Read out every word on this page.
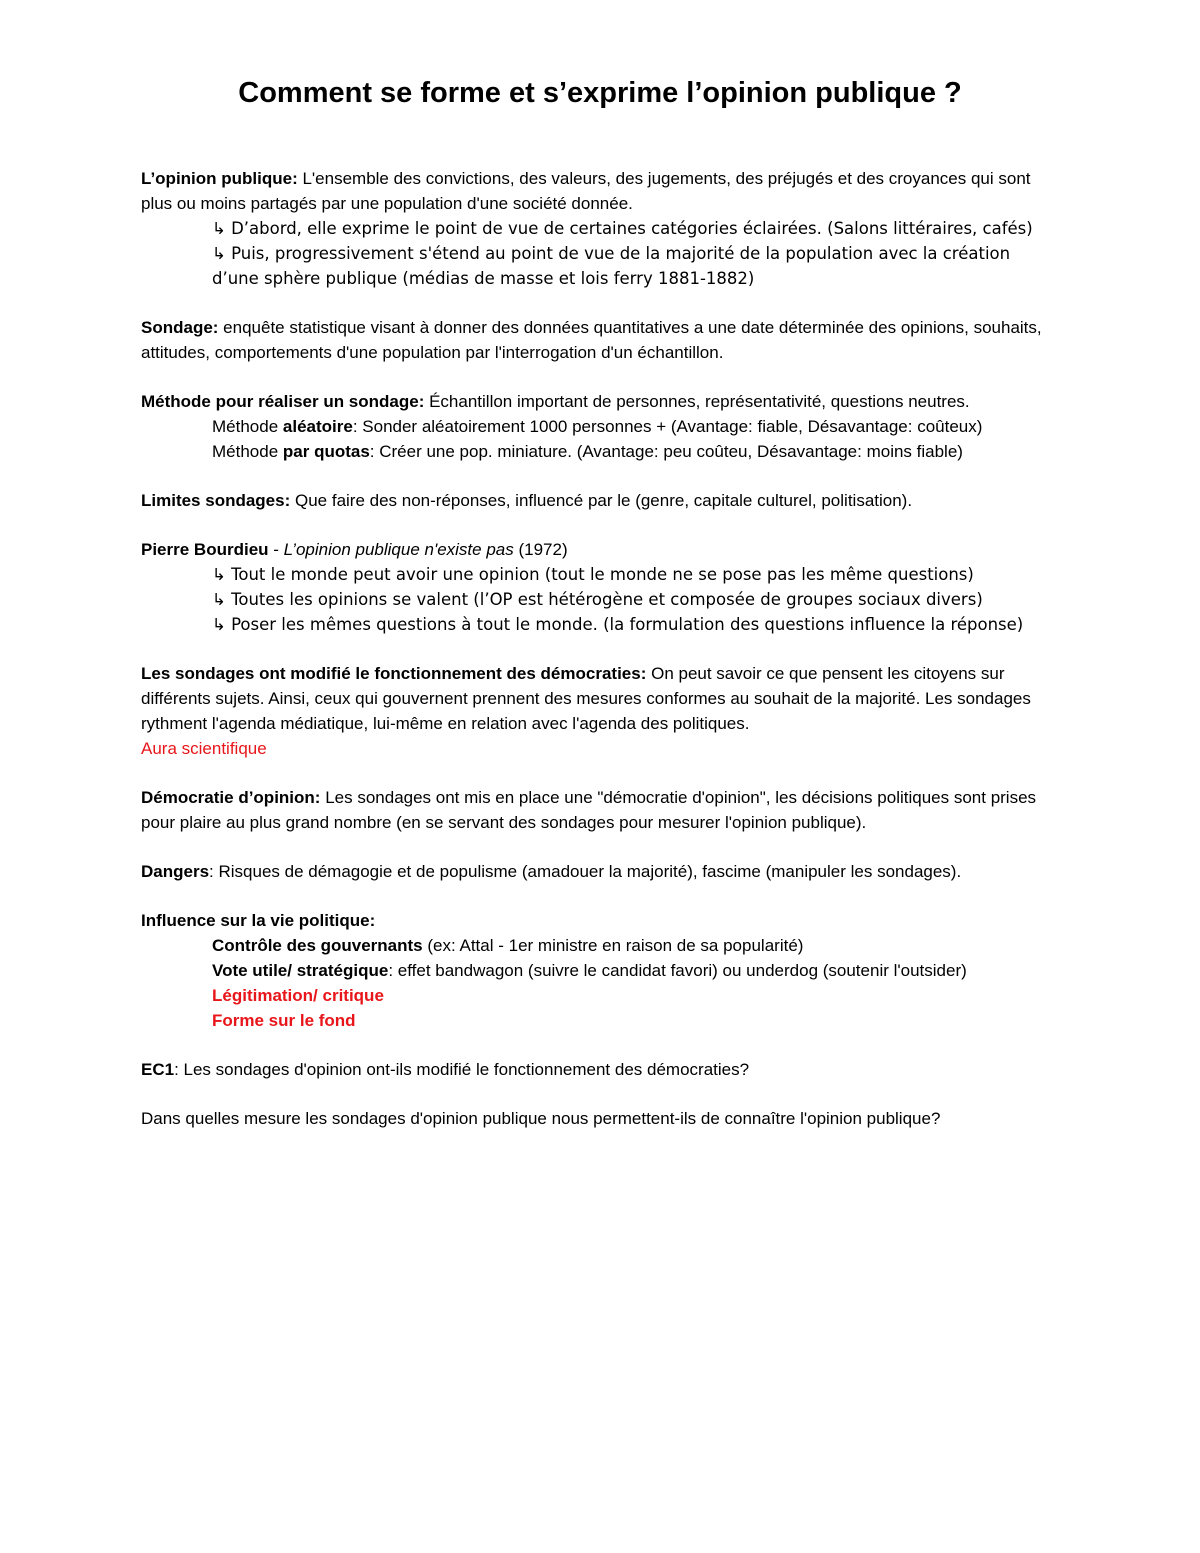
Comment se forme et s’exprime l’opinion publique ?

L’opinion publique: L'ensemble des convictions, des valeurs, des jugements, des préjugés et des croyances qui sont plus ou moins partagés par une population d'une société donnée.

↳ D’abord, elle exprime le point de vue de certaines catégories éclairées. (Salons littéraires, cafés)

↳ Puis, progressivement s'étend au point de vue de la majorité de la population avec la création d’une sphère publique (médias de masse et lois ferry 1881-1882)

Sondage: enquête statistique visant à donner des données quantitatives a une date déterminée des opinions, souhaits, attitudes, comportements d'une population par l'interrogation d'un échantillon.

Méthode pour réaliser un sondage: Échantillon important de personnes, représentativité, questions neutres.

Méthode aléatoire: Sonder aléatoirement 1000 personnes + (Avantage: fiable, Désavantage: coûteux)

Méthode par quotas: Créer une pop. miniature. (Avantage: peu coûteu, Désavantage: moins fiable)

Limites sondages: Que faire des non-réponses, influencé par le (genre, capitale culturel, politisation).

Pierre Bourdieu - L’opinion publique n'existe pas (1972)

↳ Tout le monde peut avoir une opinion (tout le monde ne se pose pas les même questions)

↳ Toutes les opinions se valent (l’OP est hétérogène et composée de groupes sociaux divers)

↳ Poser les mêmes questions à tout le monde. (la formulation des questions influence la réponse)

Les sondages ont modifié le fonctionnement des démocraties: On peut savoir ce que pensent les citoyens sur différents sujets. Ainsi, ceux qui gouvernent prennent des mesures conformes au souhait de la majorité. Les sondages rythment l'agenda médiatique, lui-même en relation avec l'agenda des politiques.

Aura scientifique

Démocratie d’opinion: Les sondages ont mis en place une "démocratie d'opinion", les décisions politiques sont prises pour plaire au plus grand nombre (en se servant des sondages pour mesurer l'opinion publique).

Dangers: Risques de démagogie et de populisme (amadouer la majorité), fascime (manipuler les sondages).

Influence sur la vie politique:

Contrôle des gouvernants (ex: Attal - 1er ministre en raison de sa popularité)

Vote utile/ stratégique: effet bandwagon (suivre le candidat favori) ou underdog (soutenir l'outsider)

Légitimation/ critique

Forme sur le fond

EC1: Les sondages d'opinion ont-ils modifié le fonctionnement des démocraties?

Dans quelles mesure les sondages d'opinion publique nous permettent-ils de connaître l'opinion publique?
